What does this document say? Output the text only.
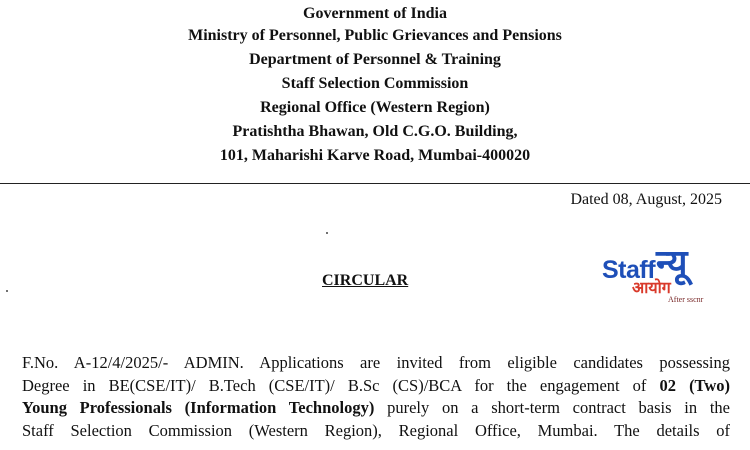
Government of India
Ministry of Personnel, Public Grievances and Pensions
Department of Personnel & Training
Staff Selection Commission
Regional Office (Western Region)
Pratishtha Bhawan, Old C.G.O. Building,
101, Maharishi Karve Road, Mumbai-400020
Dated 08, August, 2025
CIRCULAR	Staff न्यू
आयोग
After sscnr
F.No. A-12/4/2025/- ADMIN. Applications are invited from eligible candidates possessing
Degree in BE(CSE/IT)/ B.Tech (CSE/IT)/ B.Sc (CS)/BCA for the engagement of 02 (Two)
Young Professionals (Information Technology) purely on a short-term contract basis in the
Staff Selection Commission (Western Region), Regional Office, Mumbai. The details of
